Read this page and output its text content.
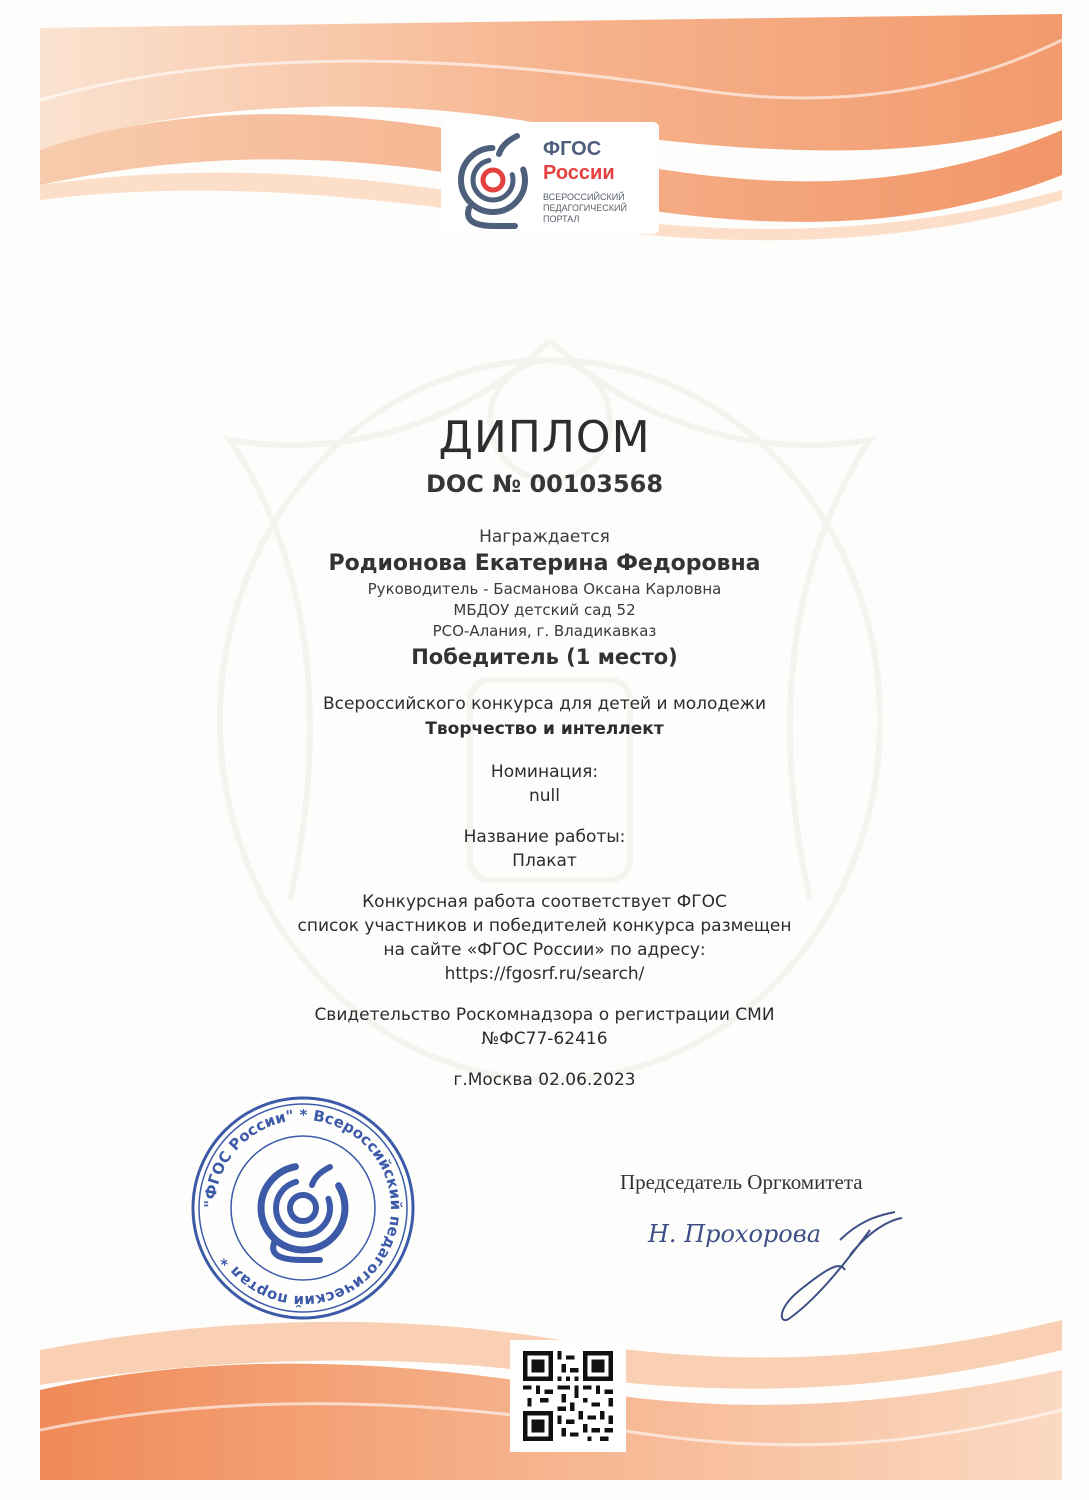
ФГОС
России
ВСЕРОССИЙСКИЙ ПЕДАГОГИЧЕСКИЙ ПОРТАЛ
ДИПЛОМ
DOC № 00103568
Награждается
Родионова Екатерина Федоровна
Руководитель - Басманова Оксана Карловна
МБДОУ детский сад 52
РСО-Алания, г. Владикавказ
Победитель (1 место)
Всероссийского конкурса для детей и молодежи
Творчество и интеллект
Номинация:
null
Название работы:
Плакат
Конкурсная работа соответствует ФГОС
список участников и победителей конкурса размещен
на сайте «ФГОС России» по адресу:
https://fgosrf.ru/search/
Свидетельство Роскомнадзора о регистрации СМИ
№ФС77-62416
г.Москва 02.06.2023
Председатель Оргкомитета
Н. Прохорова
"ФГОС России" * Всероссийский педагогический портал *
